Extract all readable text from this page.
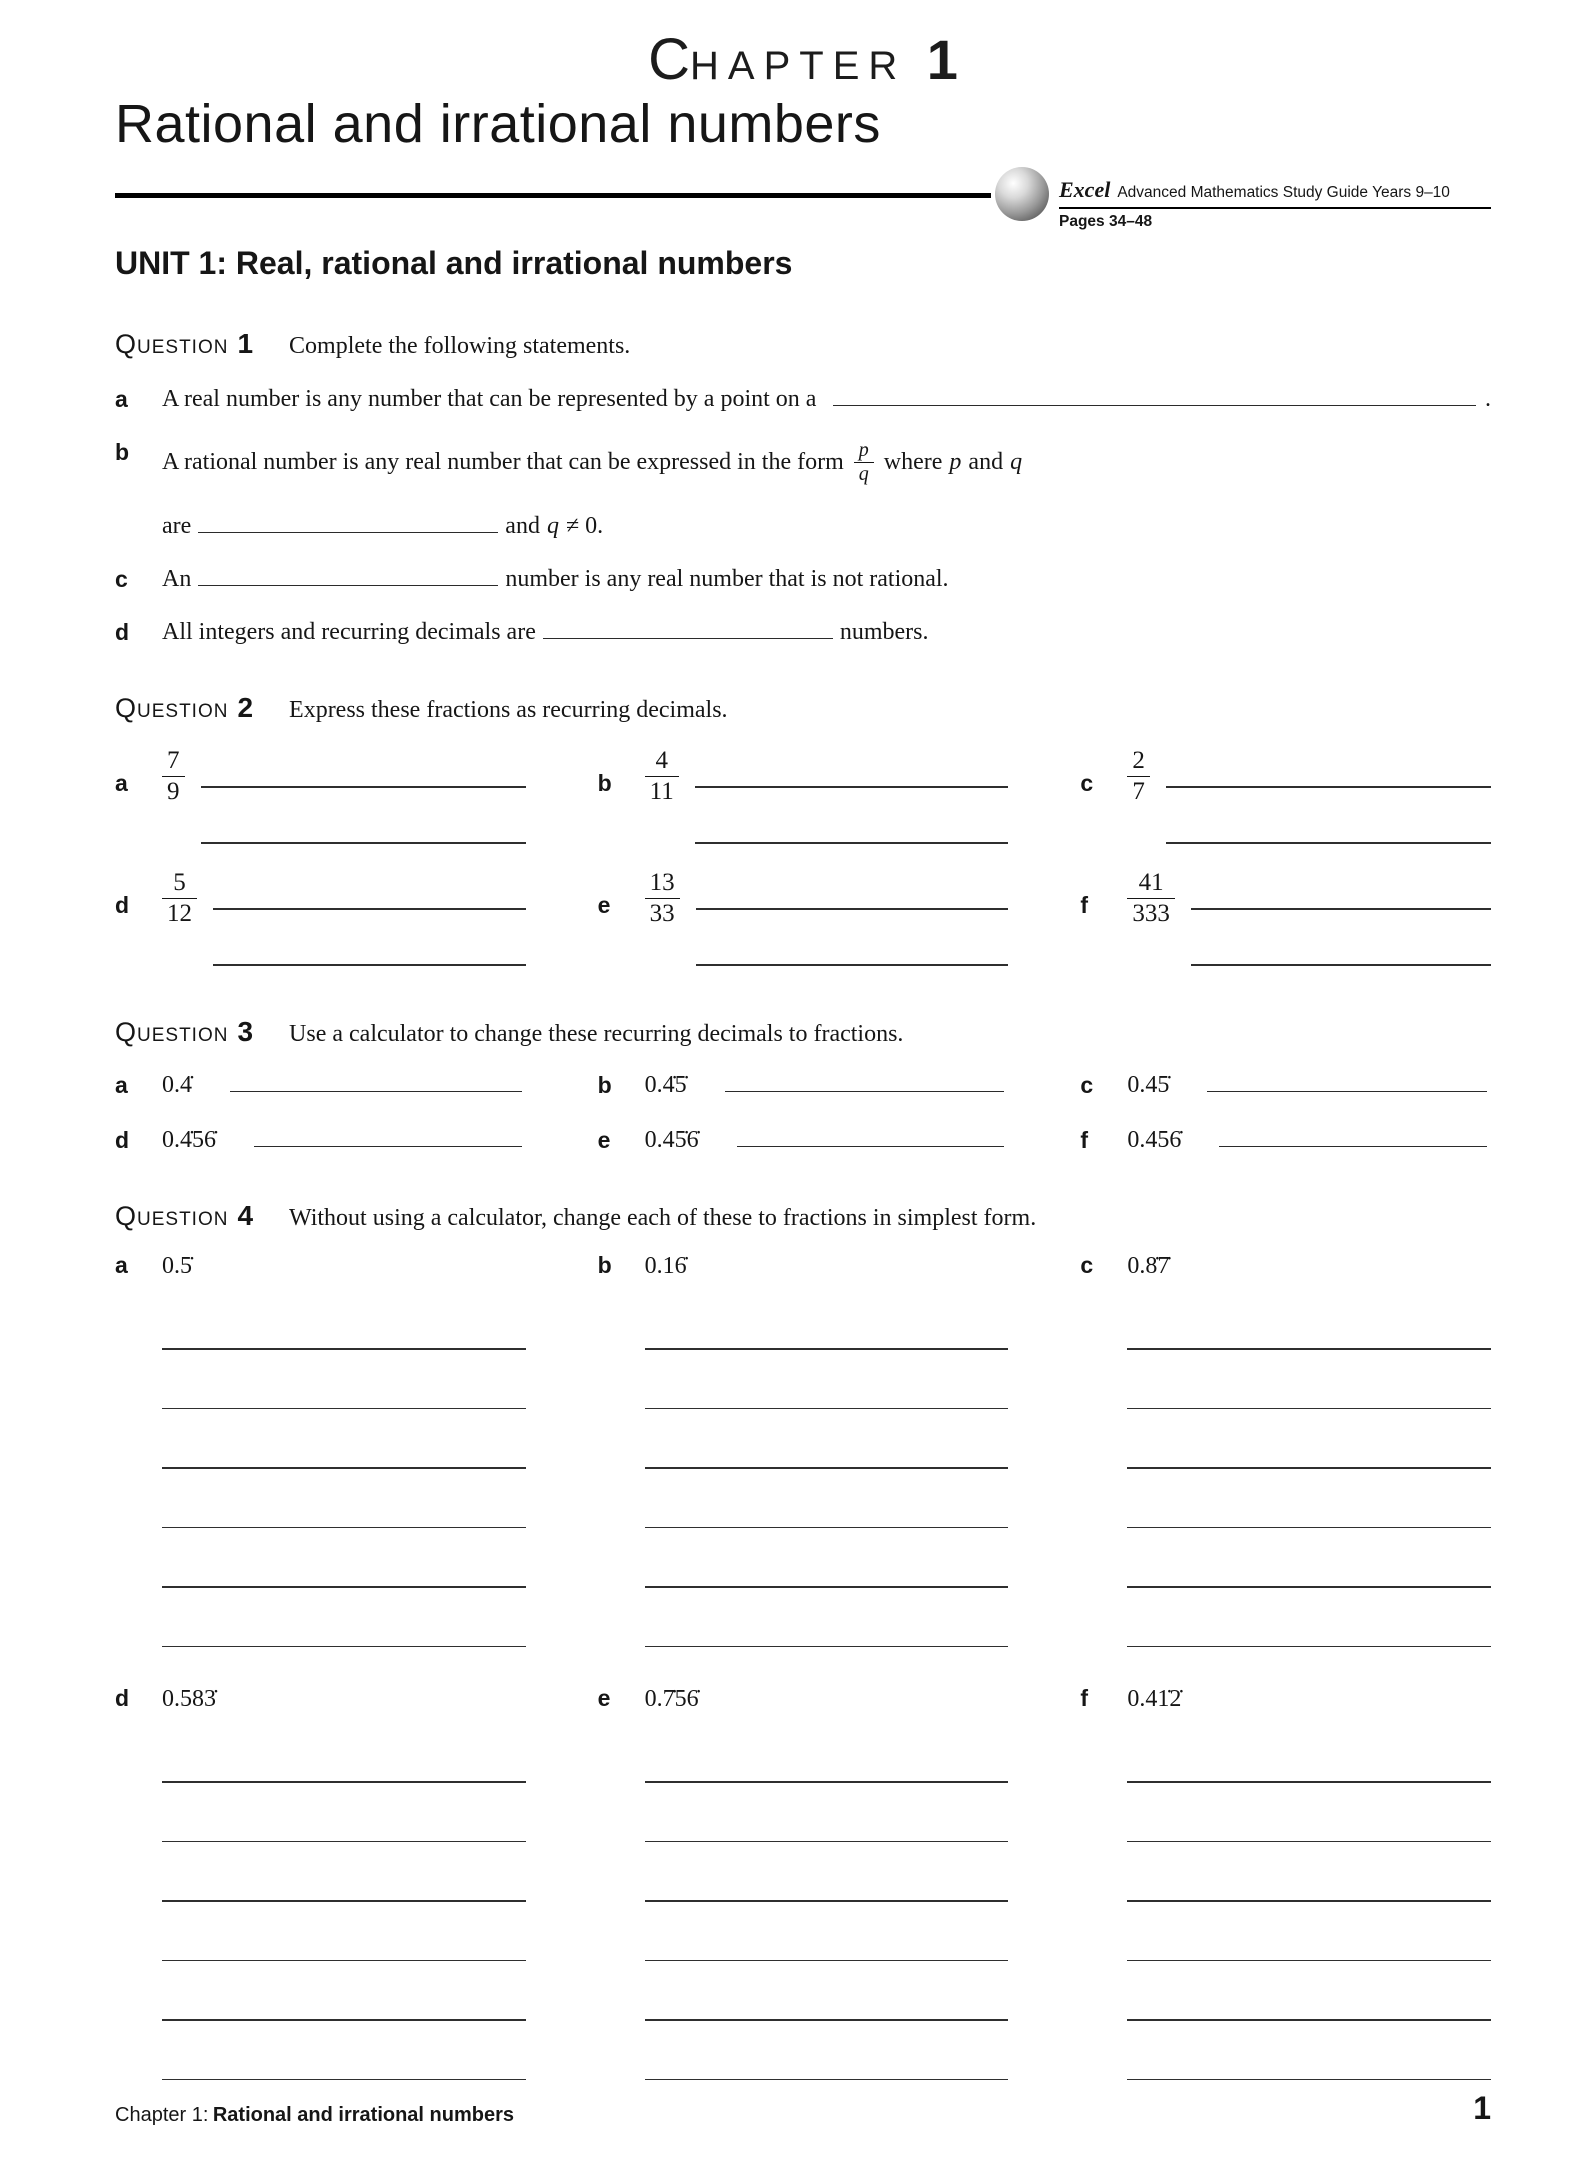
CHAPTER 1
Rational and irrational numbers
Excel Advanced Mathematics Study Guide Years 9–10
Pages 34–48
UNIT 1: Real, rational and irrational numbers
Question 1 Complete the following statements.
a	A real number is any number that can be represented by a point on a	.
b	A rational number is any real number that can be expressed in the form $\frac{p}{q}$ where p and q
are	and q ≠ 0.
c	An	number is any real number that is not rational.
d	All integers and recurring decimals are	numbers.
Question 2 Express these fractions as recurring decimals.
a	$\frac{7}{9}$	b	$\frac{4}{11}$	c	$\frac{2}{7}$
d	$\frac{5}{12}$	e	$\frac{13}{33}$	f	$\frac{41}{333}$
Question 3 Use a calculator to change these recurring decimals to fractions.
a	0.4̇	b	0.4̇5̇	c	0.45̇
d	0.4̇56̇	e	0.45̇6̇	f	0.456̇
Question 4 Without using a calculator, change each of these to fractions in simplest form.
a	0.5̇	b	0.16̇	c	0.8̇7̇
d	0.583̇	e	0.7̇56̇	f	0.41̇2̇
Chapter 1: Rational and irrational numbers	1
